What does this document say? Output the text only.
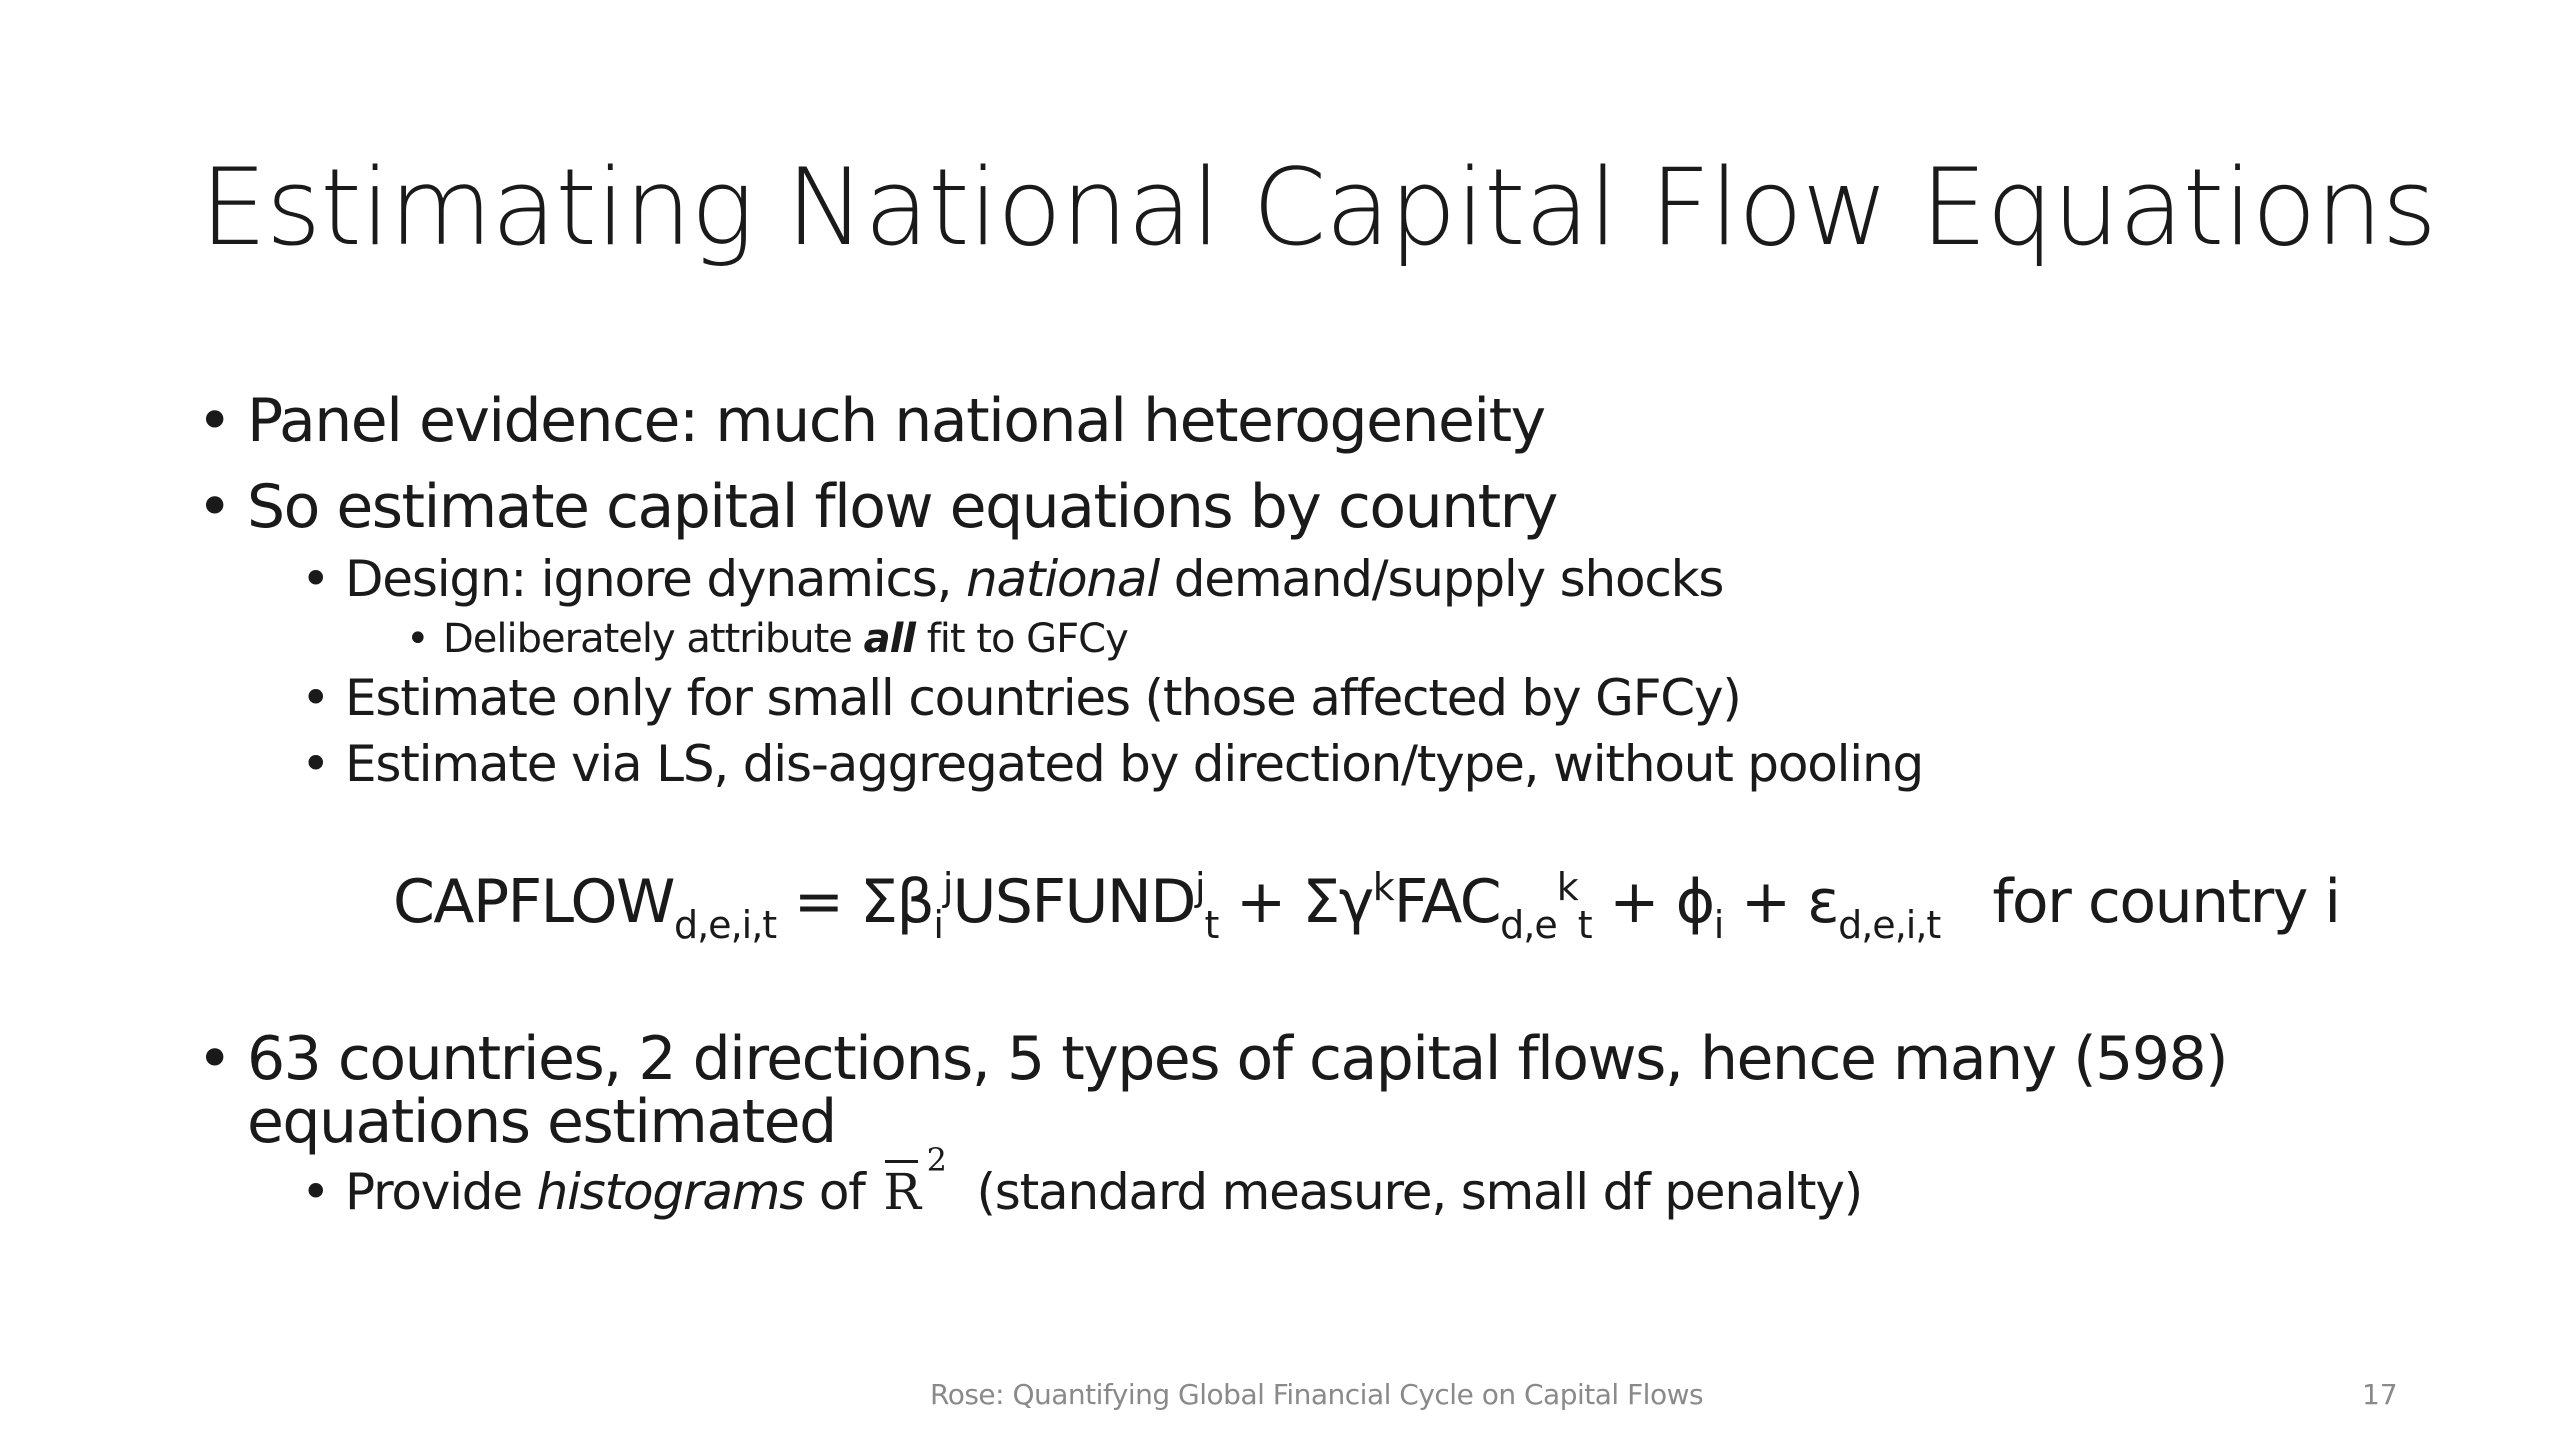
Estimating National Capital Flow Equations
• Panel evidence: much national heterogeneity
• So estimate capital flow equations by country
• Design: ignore dynamics, national demand/supply shocks
• Deliberately attribute all fit to GFCy
• Estimate only for small countries (those affected by GFCy)
• Estimate via LS, dis-aggregated by direction/type, without pooling
$CAPFLOW_{d,e,i,t}$ = $\Sigma\beta_i^jUSFUND^j_t + \Sigma\gamma^kFAC_{d,e}^k_t + \phi_i + \varepsilon_{d,e,i,t}$ for country i
• 63 countries, 2 directions, 5 types of capital flows, hence many (598)
equations estimated
• Provide histograms of
R
2
(standard measure, small df penalty)
Rose: Quantifying Global Financial Cycle on Capital Flows	17
